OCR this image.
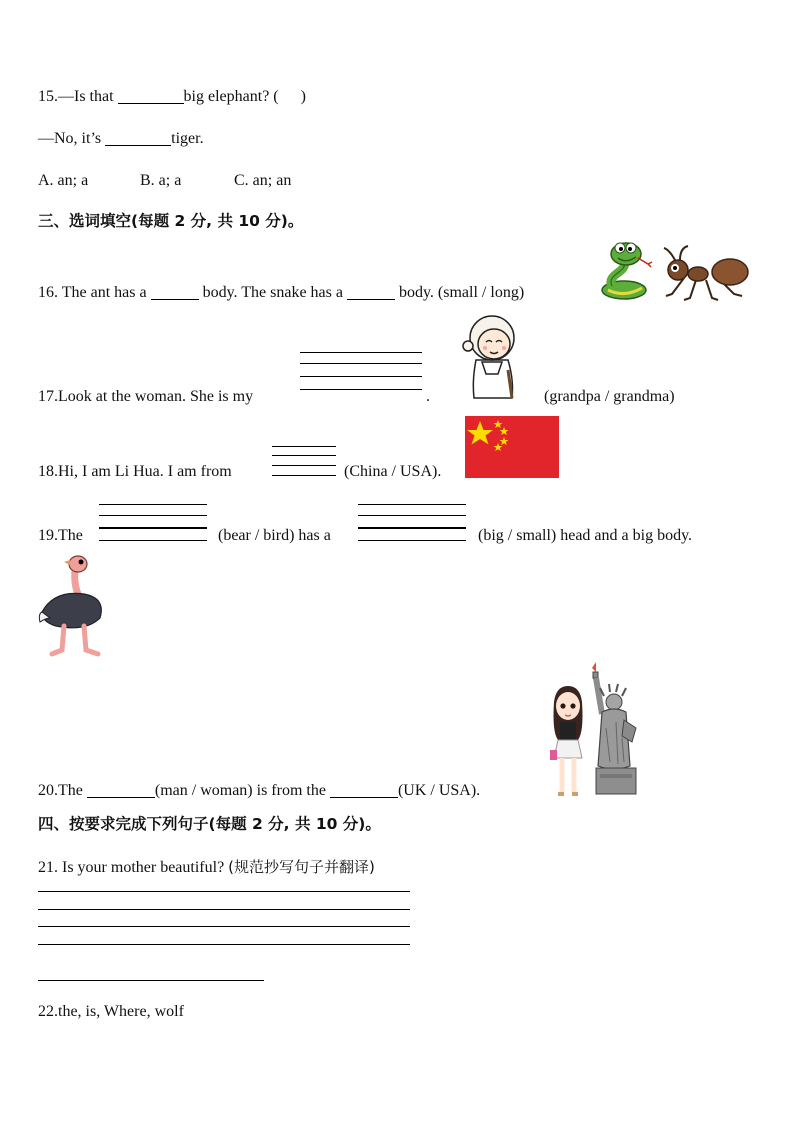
15.—Is that	big elephant? ( )
—No, it’s	tiger.
A. an; a	B. a; a	C. an; an
三、选词填空(每题 2 分, 共 10 分)。
16. The ant has a	body. The snake has a	body. (small / long)
17.Look at the woman. She is my	.	(grandpa / grandma)
18.Hi, I am Li Hua. I am from	(China / USA).
19.The	(bear / bird) has a	(big / small) head and a big body.
20.The	(man / woman) is from the	(UK / USA).
四、按要求完成下列句子(每题 2 分, 共 10 分)。
21. Is your mother beautiful? (规范抄写句子并翻译)
22.the, is, Where, wolf
